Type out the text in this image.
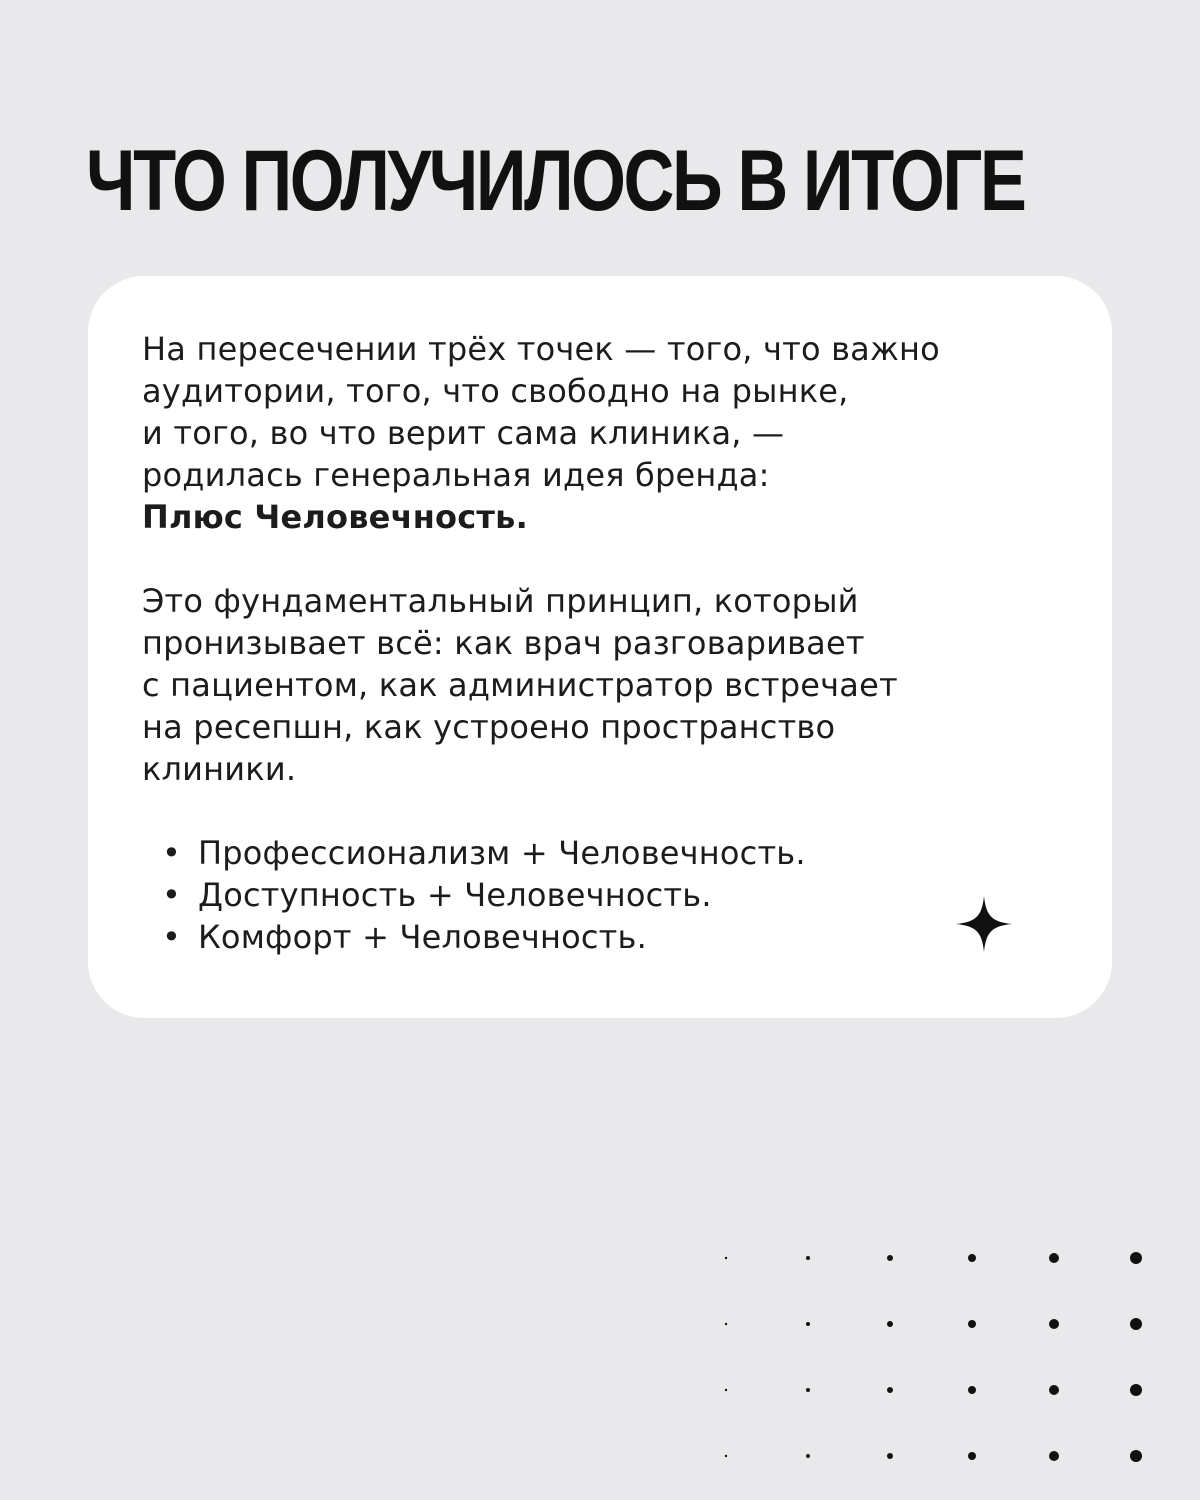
ЧТО ПОЛУЧИЛОСЬ В ИТОГЕ

На пересечении трёх точек — того, что важно
аудитории, того, что свободно на рынке,
и того, во что верит сама клиника, —
родилась генеральная идея бренда:
Плюс Человечность.

Это фундаментальный принцип, который
пронизывает всё: как врач разговаривает
с пациентом, как администратор встречает
на ресепшн, как устроено пространство
клиники.

• Профессионализм + Человечность.
• Доступность + Человечность.
• Комфорт + Человечность.
